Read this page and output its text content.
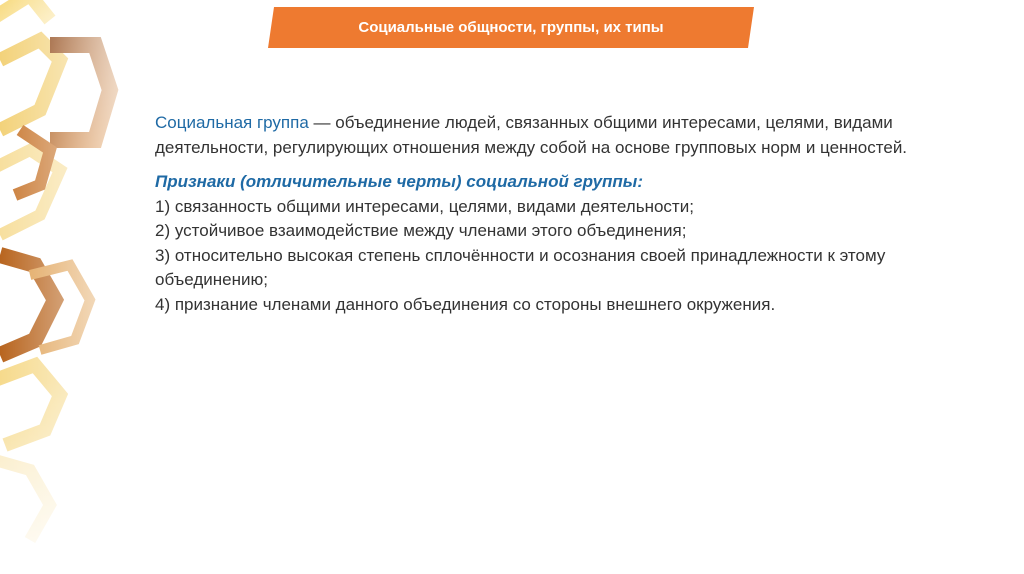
Социальные общности, группы, их типы

Социальная группа — объединение людей, связанных общими интересами, целями, видами деятельности, регулирующих отношения между собой на основе групповых норм и ценностей.

Признаки (отличительные черты) социальной группы:

1) связанность общими интересами, целями, видами деятельности;
2) устойчивое взаимодействие между членами этого объединения;
3) относительно высокая степень сплочённости и осознания своей принадлежности к этому объединению;
4) признание членами данного объединения со стороны внешнего окружения.
